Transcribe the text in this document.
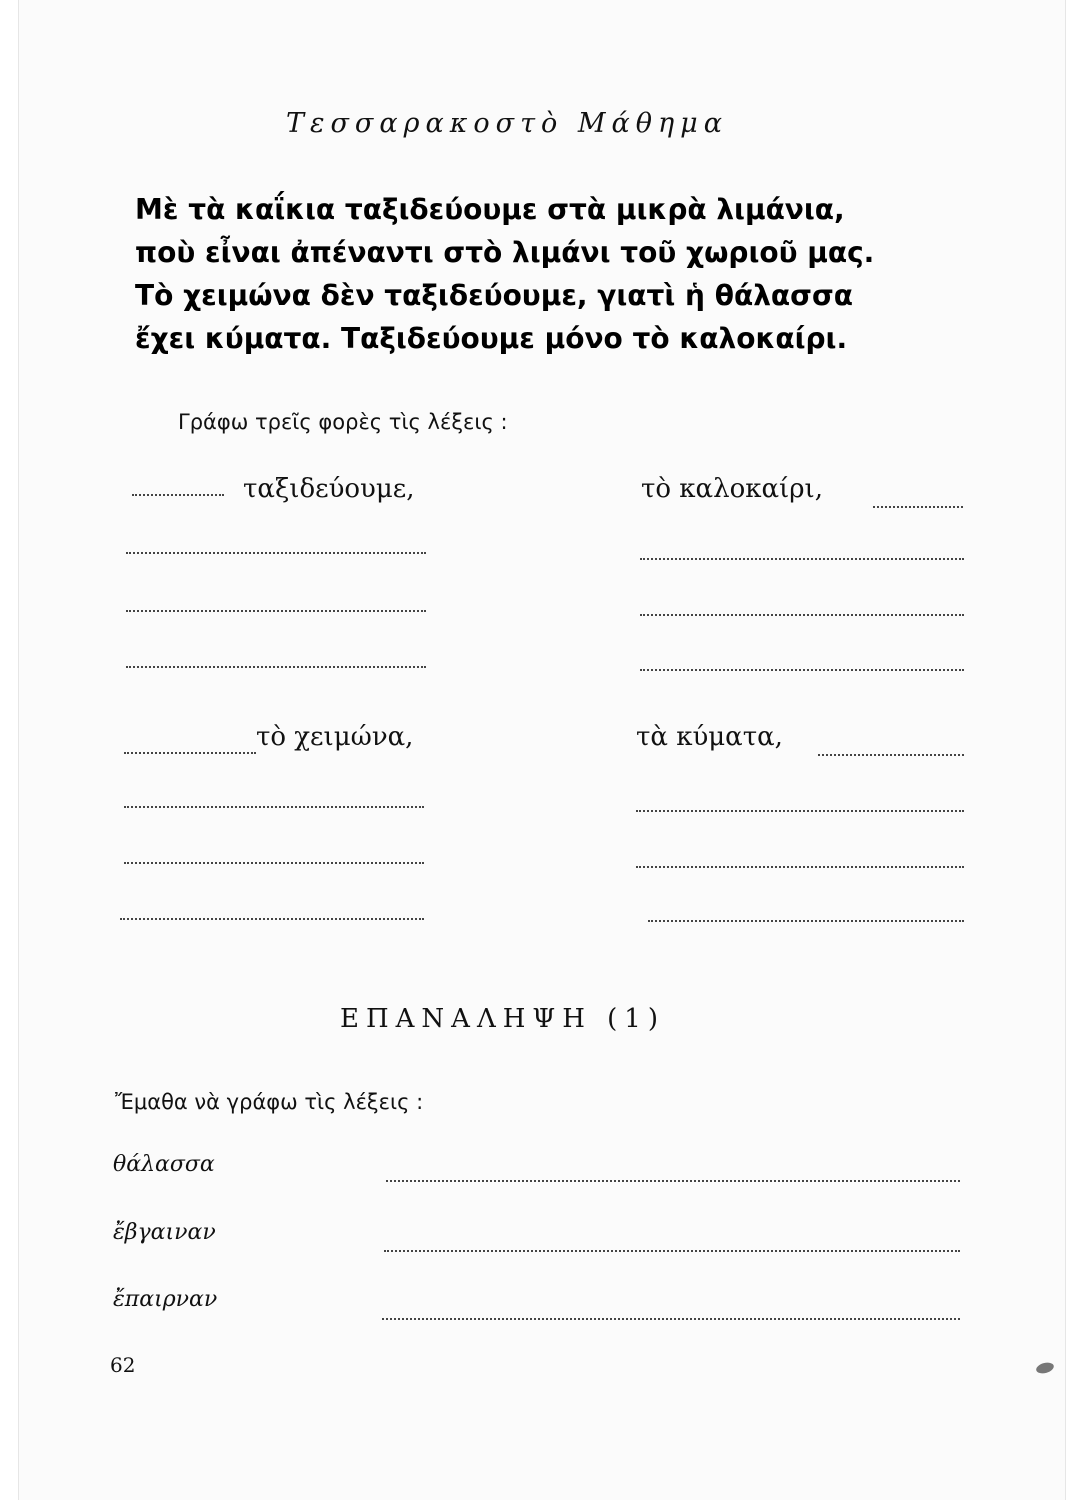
Τεσσαρακοστὸ Μάθημα
Μὲ τὰ καΐκια ταξιδεύουμε στὰ μικρὰ λιμάνια,
ποὺ εἶναι ἀπέναντι στὸ λιμάνι τοῦ χωριοῦ μας.
Τὸ χειμώνα δὲν ταξιδεύουμε, γιατὶ ἡ θάλασσα
ἔχει κύματα. Ταξιδεύουμε μόνο τὸ καλοκαίρι.
Γράφω τρεῖς φορὲς τὶς λέξεις :
ταξιδεύουμε,	τὸ καλοκαίρι,
τὸ χειμώνα,	τὰ κύματα,
ΕΠΑΝΑΛΗΨΗ (1)
Ἔμαθα νὰ γράφω τὶς λέξεις :
θάλασσα
ἔβγαιναν
ἔπαιρναν
62
